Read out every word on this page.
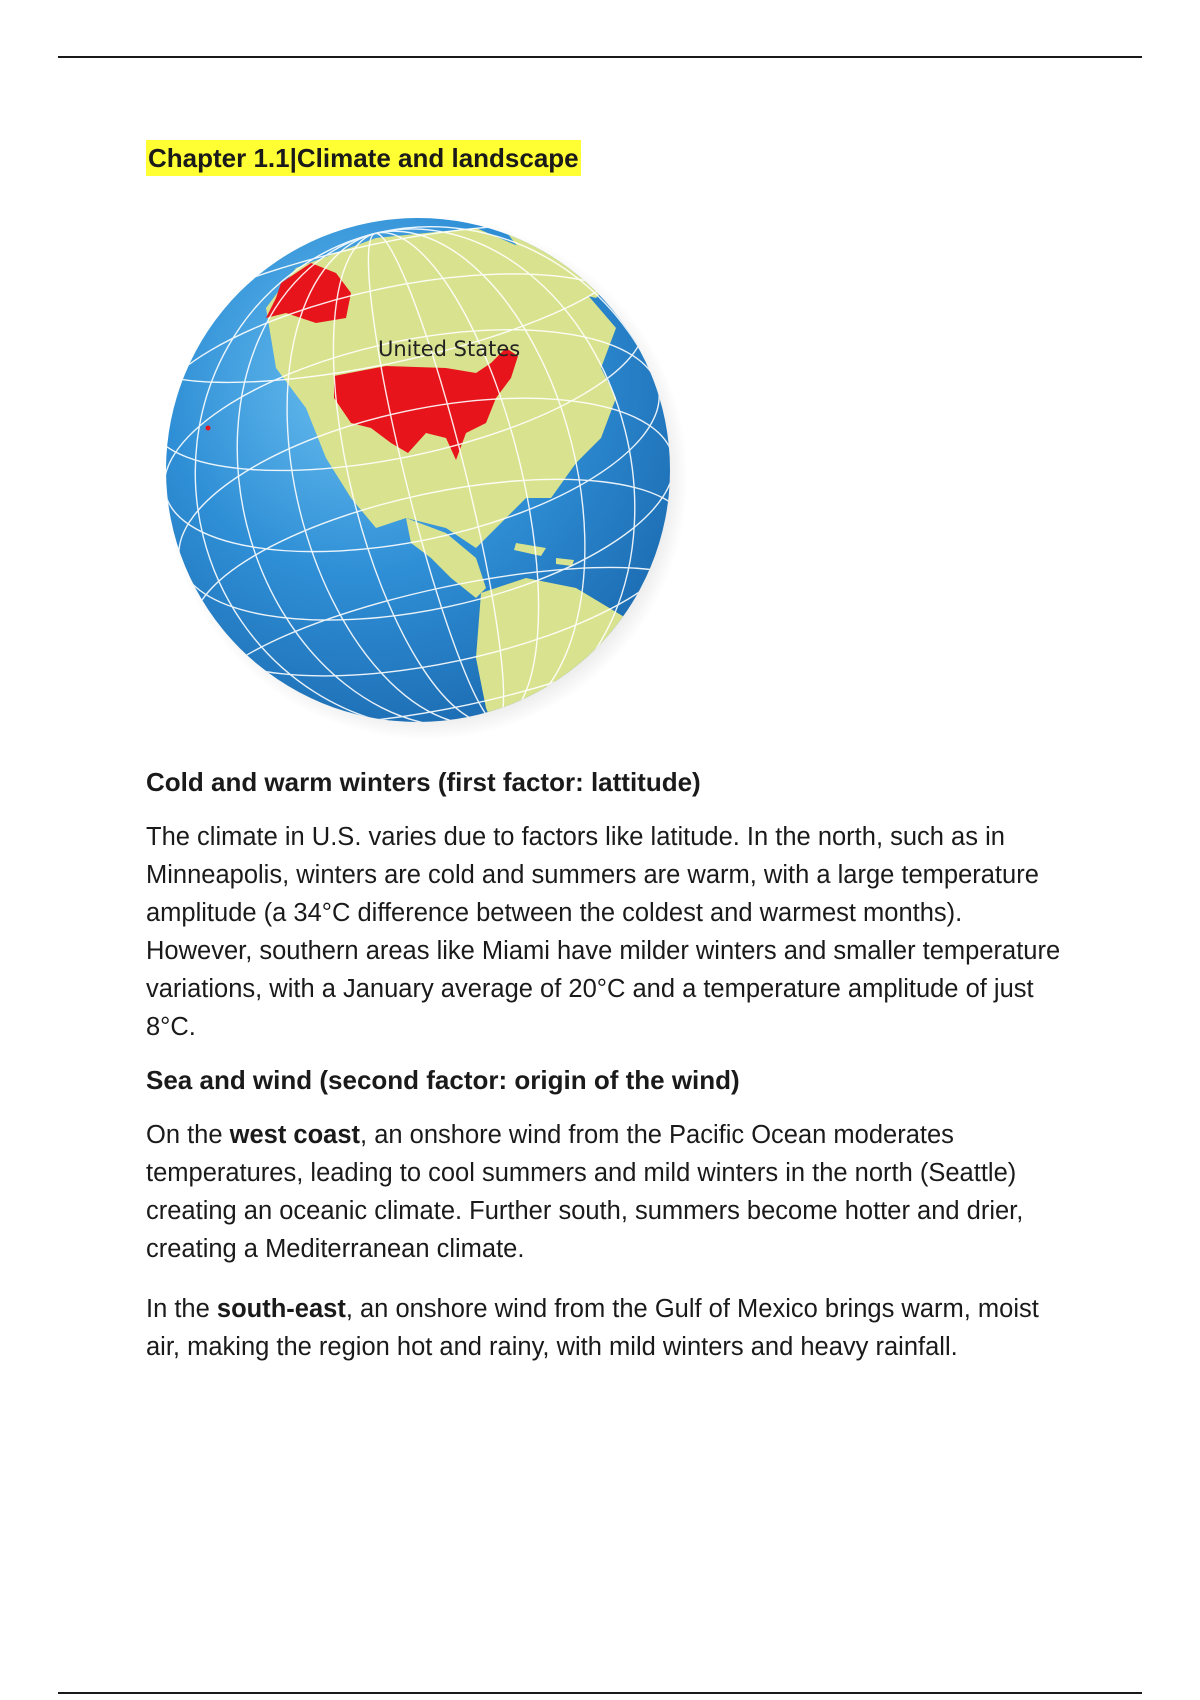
Chapter 1.1|Climate and landscape
United States
Cold and warm winters (first factor: lattitude)

The climate in U.S. varies due to factors like latitude. In the north, such as in Minneapolis, winters are cold and summers are warm, with a large temperature amplitude (a 34°C difference between the coldest and warmest months). However, southern areas like Miami have milder winters and smaller temperature variations, with a January average of 20°C and a temperature amplitude of just 8°C.

Sea and wind (second factor: origin of the wind)

On the west coast, an onshore wind from the Pacific Ocean moderates temperatures, leading to cool summers and mild winters in the north (Seattle) creating an oceanic climate. Further south, summers become hotter and drier, creating a Mediterranean climate.

In the south-east, an onshore wind from the Gulf of Mexico brings warm, moist air, making the region hot and rainy, with mild winters and heavy rainfall.
